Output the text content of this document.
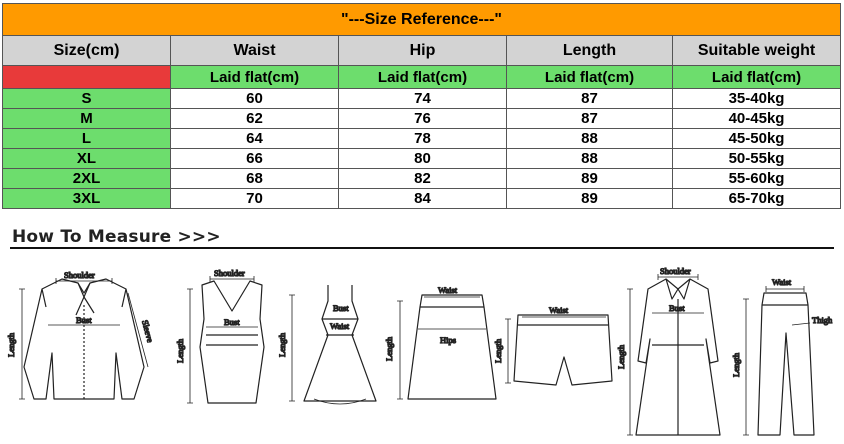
"---Size Reference---"				
Size(cm)	Waist	Hip	Length	Suitable weight
	Laid flat(cm)	Laid flat(cm)	Laid flat(cm)	Laid flat(cm)
S	60	74	87	35-40kg
M	62	76	87	40-45kg
L	64	78	88	45-50kg
XL	66	80	88	50-55kg
2XL	68	82	89	55-60kg
3XL	70	84	89	65-70kg
How To Measure >>>
Shoulder
Bust
Length
Sleeve
Shoulder
Bust
Length
Bust
Waist
Length
Waist
Hips
Length
Waist
Length
Shoulder
Bust
Length
Waist
Thigh
Length
